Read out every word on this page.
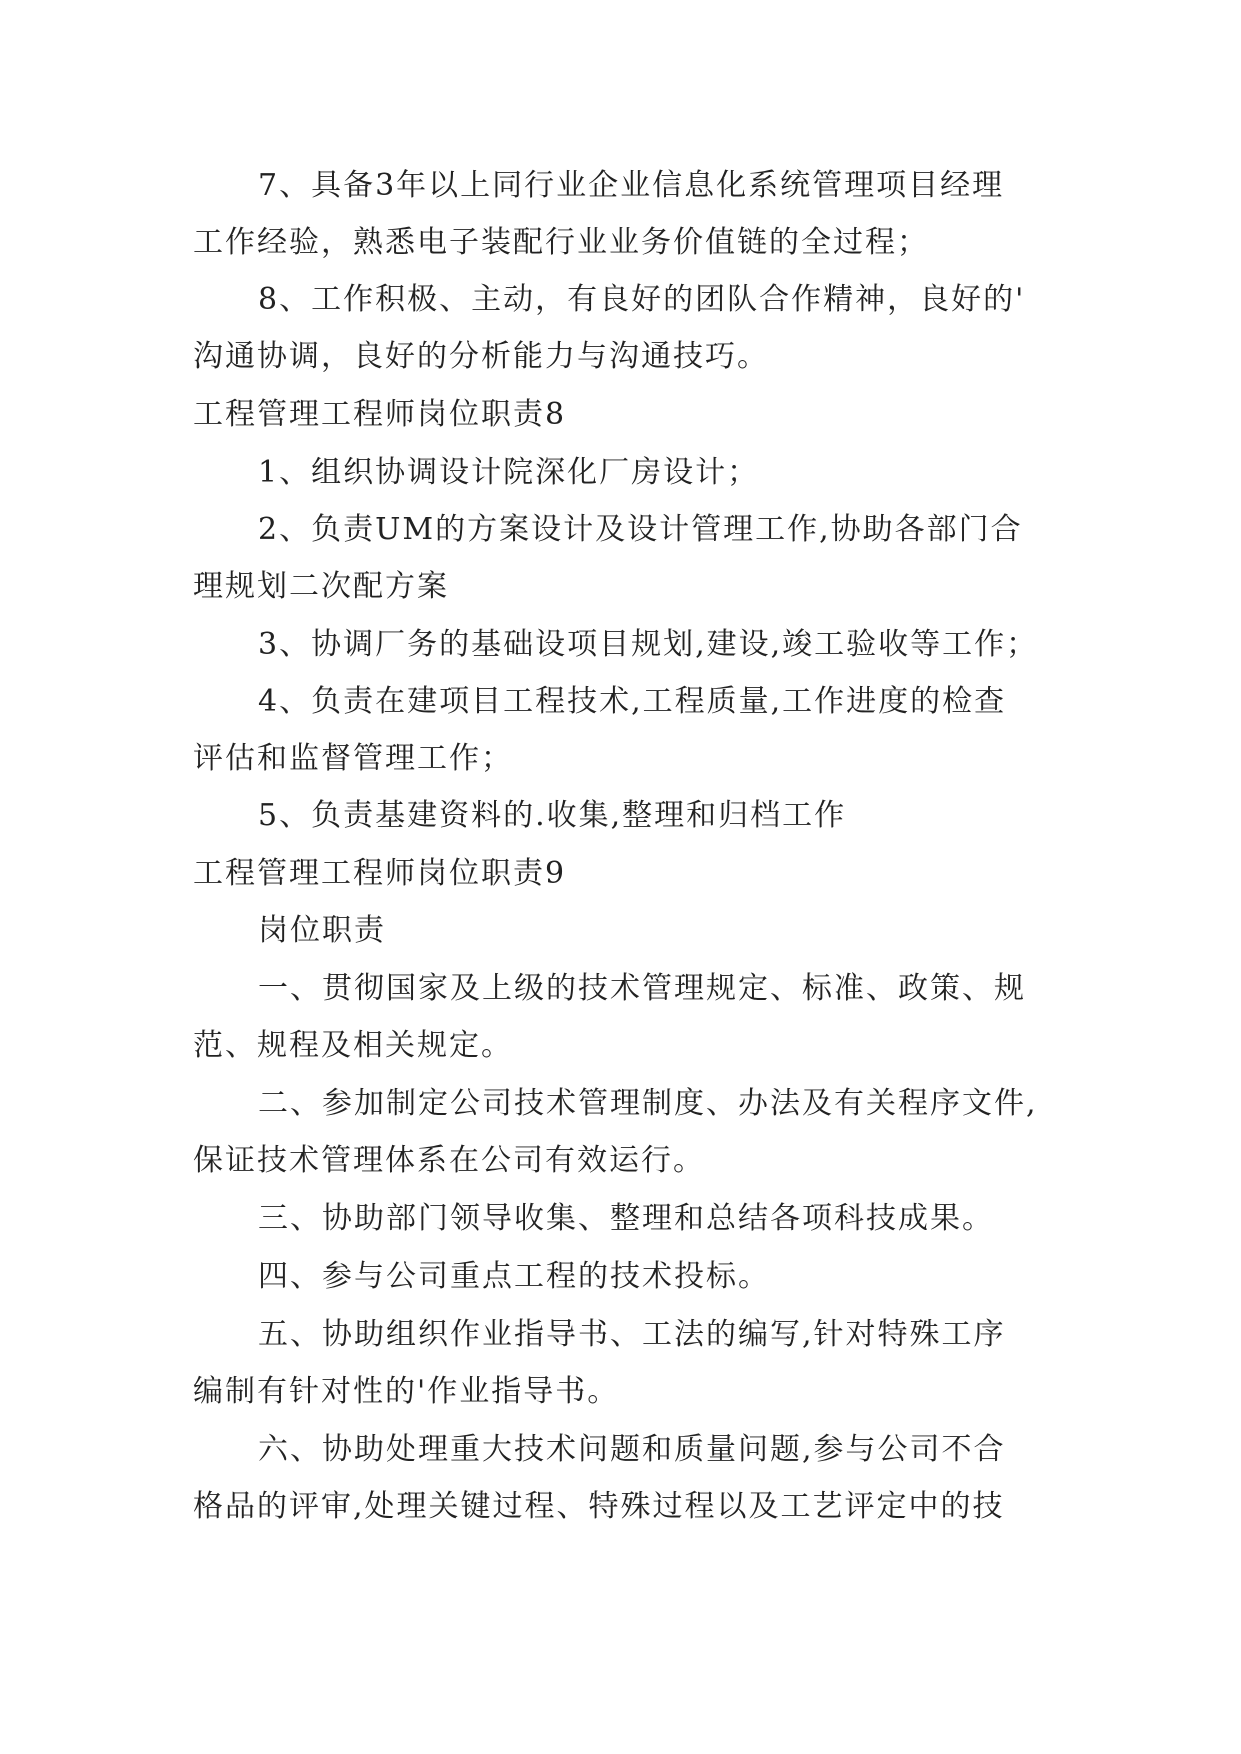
7、具备3年以上同行业企业信息化系统管理项目经理
工作经验，熟悉电子装配行业业务价值链的全过程；
8、工作积极、主动，有良好的团队合作精神，良好的'
沟通协调，良好的分析能力与沟通技巧。
工程管理工程师岗位职责8
1、组织协调设计院深化厂房设计；
2、负责UM的方案设计及设计管理工作,协助各部门合
理规划二次配方案
3、协调厂务的基础设项目规划,建设,竣工验收等工作；
4、负责在建项目工程技术,工程质量,工作进度的检查
评估和监督管理工作；
5、负责基建资料的.收集,整理和归档工作
工程管理工程师岗位职责9
岗位职责
一、贯彻国家及上级的技术管理规定、标准、政策、规
范、规程及相关规定。
二、参加制定公司技术管理制度、办法及有关程序文件,
保证技术管理体系在公司有效运行。
三、协助部门领导收集、整理和总结各项科技成果。
四、参与公司重点工程的技术投标。
五、协助组织作业指导书、工法的编写,针对特殊工序
编制有针对性的'作业指导书。
六、协助处理重大技术问题和质量问题,参与公司不合
格品的评审,处理关键过程、特殊过程以及工艺评定中的技
